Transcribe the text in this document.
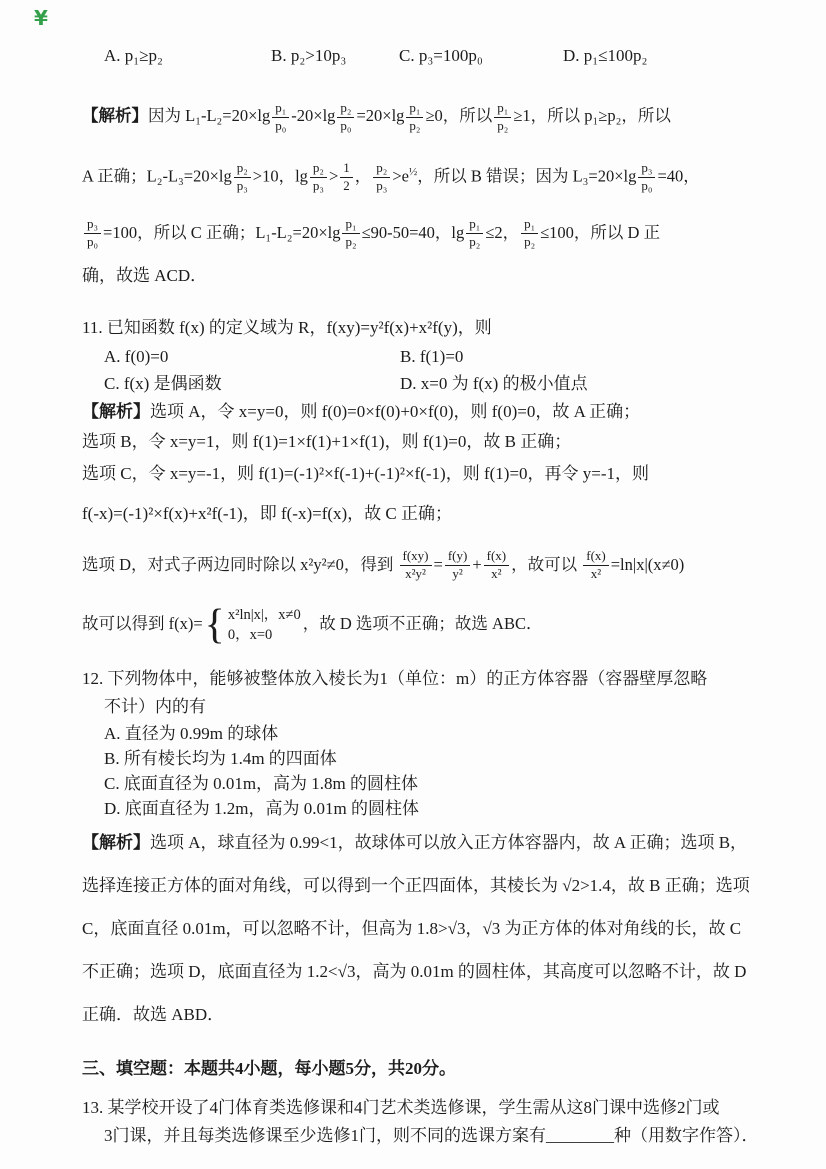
¥
A. p₁≥p₂	B. p₂>10p₃	C. p₃=100p₀	D. p₁≤100p₂
【解析】因为 $L_1-L_2=20\times\lg \frac{\text{p₁}}{\text{p₀}} -20\times\lg \frac{\text{p₂}}{\text{p₀}} =20\times\lg \frac{\text{p₁}}{\text{p₂}} \ge 0$，所以 $\frac{\text{p₁}}{\text{p₂}} \ge 1$，所以 p₁≥p₂，所以
A 正确；$L_2-L_3=20\times\lg \frac{\text{p₂}}{\text{p₃}} >10$，$\lg \frac{\text{p₂}}{\text{p₃}} > \frac{1}{2}$ ， $\frac{\text{p₂}}{\text{p₃}} >e^{\frac{1}{2}}$，所以 B 错误；因为 $L_3=20\times\lg \frac{\text{p₃}}{\text{p₀}} =40$，
$\frac{\text{p₃}}{\text{p₀}} =100$，所以 C 正确；$L_1-L_2=20\times\lg \frac{\text{p₁}}{\text{p₂}} \le 90-50=40$，$\lg \frac{\text{p₁}}{\text{p₂}} \le 2$， $\frac{\text{p₁}}{\text{p₂}} \le 100$，所以 D 正
确，故选 ACD．
11. 已知函数 f(x) 的定义域为 R，f(xy)=y²f(x)+x²f(y)，则
A. f(0)=0	B. f(1)=0
C. f(x) 是偶函数	D. x=0 为 f(x) 的极小值点
【解析】选项 A，令 x=y=0，则 f(0)=0×f(0)+0×f(0)，则 f(0)=0，故 A 正确；
选项 B，令 x=y=1，则 f(1)=1×f(1)+1×f(1)，则 f(1)=0，故 B 正确；
选项 C，令 x=y=-1，则 f(1)=(-1)²×f(-1)+(-1)²×f(-1)，则 f(1)=0，再令 y=-1，则
f(-x)=(-1)²×f(x)+x²f(-1)，即 f(-x)=f(x)，故 C 正确；
选项 D，对式子两边同时除以 x²y²≠0，得到 $\frac{f(xy)}{\text{x²y²}} = \frac{f(y)}{\text{y²}} + \frac{f(x)}{\text{x²}}$ ，故可以 $\frac{f(x)}{\text{x²}} =\ln|x|(x\ne 0)$
故可以得到 f(x)= { x²ln|x|，x≠0
0，x=0
，故 D 选项不正确；故选 ABC．
12. 下列物体中，能够被整体放入棱长为1（单位：m）的正方体容器（容器壁厚忽略
不计）内的有
A. 直径为 0.99m 的球体
B. 所有棱长均为 1.4m 的四面体
C. 底面直径为 0.01m，高为 1.8m 的圆柱体
D. 底面直径为 1.2m，高为 0.01m 的圆柱体
【解析】选项 A，球直径为 0.99<1，故球体可以放入正方体容器内，故 A 正确；选项 B，
选择连接正方体的面对角线，可以得到一个正四面体，其棱长为 √2>1.4，故 B 正确；选项
C，底面直径 0.01m，可以忽略不计，但高为 1.8>√3，√3 为正方体的体对角线的长，故 C
不正确；选项 D，底面直径为 1.2<√3，高为 0.01m 的圆柱体，其高度可以忽略不计，故 D
正确．故选 ABD．
三、填空题：本题共4小题，每小题5分，共20分。
13. 某学校开设了4门体育类选修课和4门艺术类选修课，学生需从这8门课中选修2门或
3门课，并且每类选修课至少选修1门，则不同的选课方案有________种（用数字作答）．
